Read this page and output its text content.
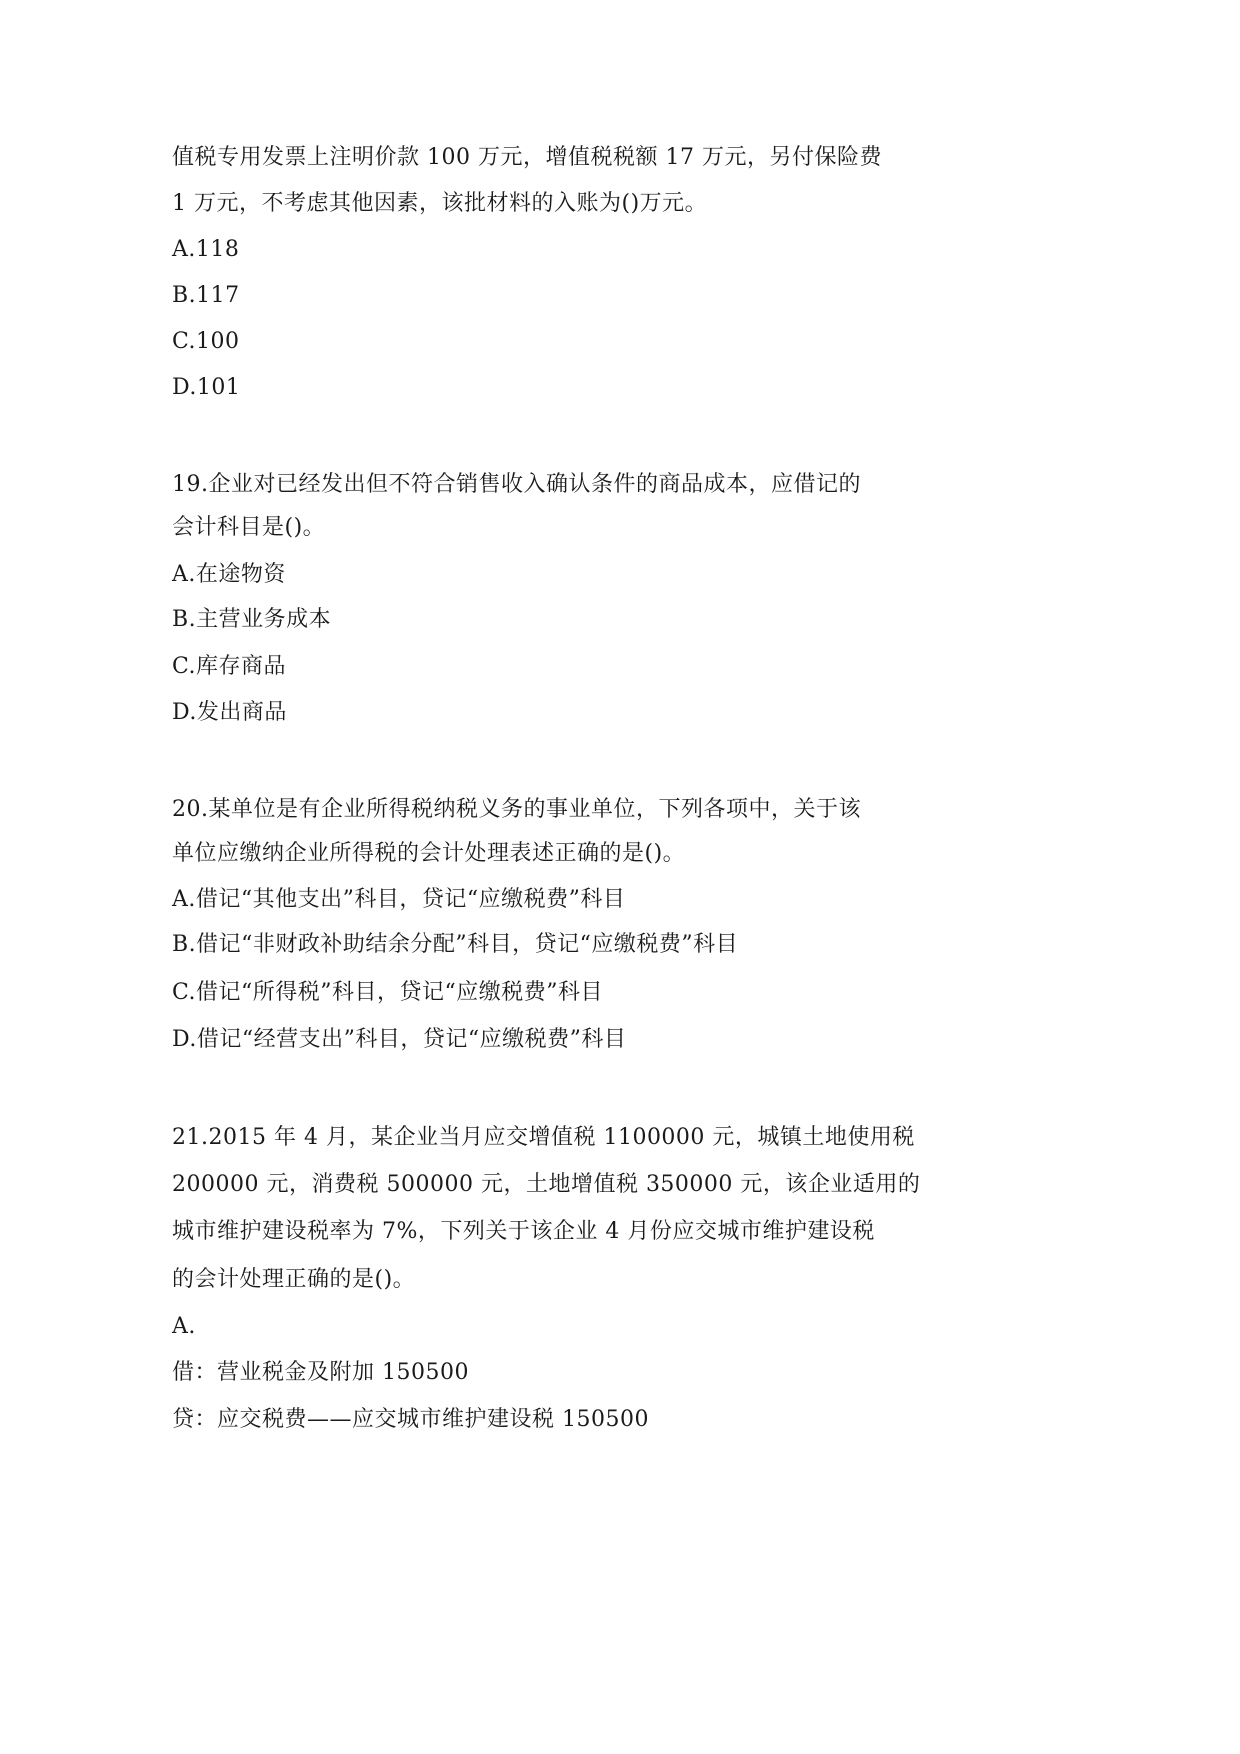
值税专用发票上注明价款 100 万元，增值税税额 17 万元，另付保险费
1 万元，不考虑其他因素，该批材料的入账为()万元。
A.118
B.117
C.100
D.101
19.企业对已经发出但不符合销售收入确认条件的商品成本，应借记的
会计科目是()。
A.在途物资
B.主营业务成本
C.库存商品
D.发出商品
20.某单位是有企业所得税纳税义务的事业单位，下列各项中，关于该
单位应缴纳企业所得税的会计处理表述正确的是()。
A.借记“其他支出”科目，贷记“应缴税费”科目
B.借记“非财政补助结余分配”科目，贷记“应缴税费”科目
C.借记“所得税”科目，贷记“应缴税费”科目
D.借记“经营支出”科目，贷记“应缴税费”科目
21.2015 年 4 月，某企业当月应交增值税 1100000 元，城镇土地使用税
200000 元，消费税 500000 元，土地增值税 350000 元，该企业适用的
城市维护建设税率为 7%，下列关于该企业 4 月份应交城市维护建设税
的会计处理正确的是()。
A.
借：营业税金及附加 150500
贷：应交税费——应交城市维护建设税 150500
